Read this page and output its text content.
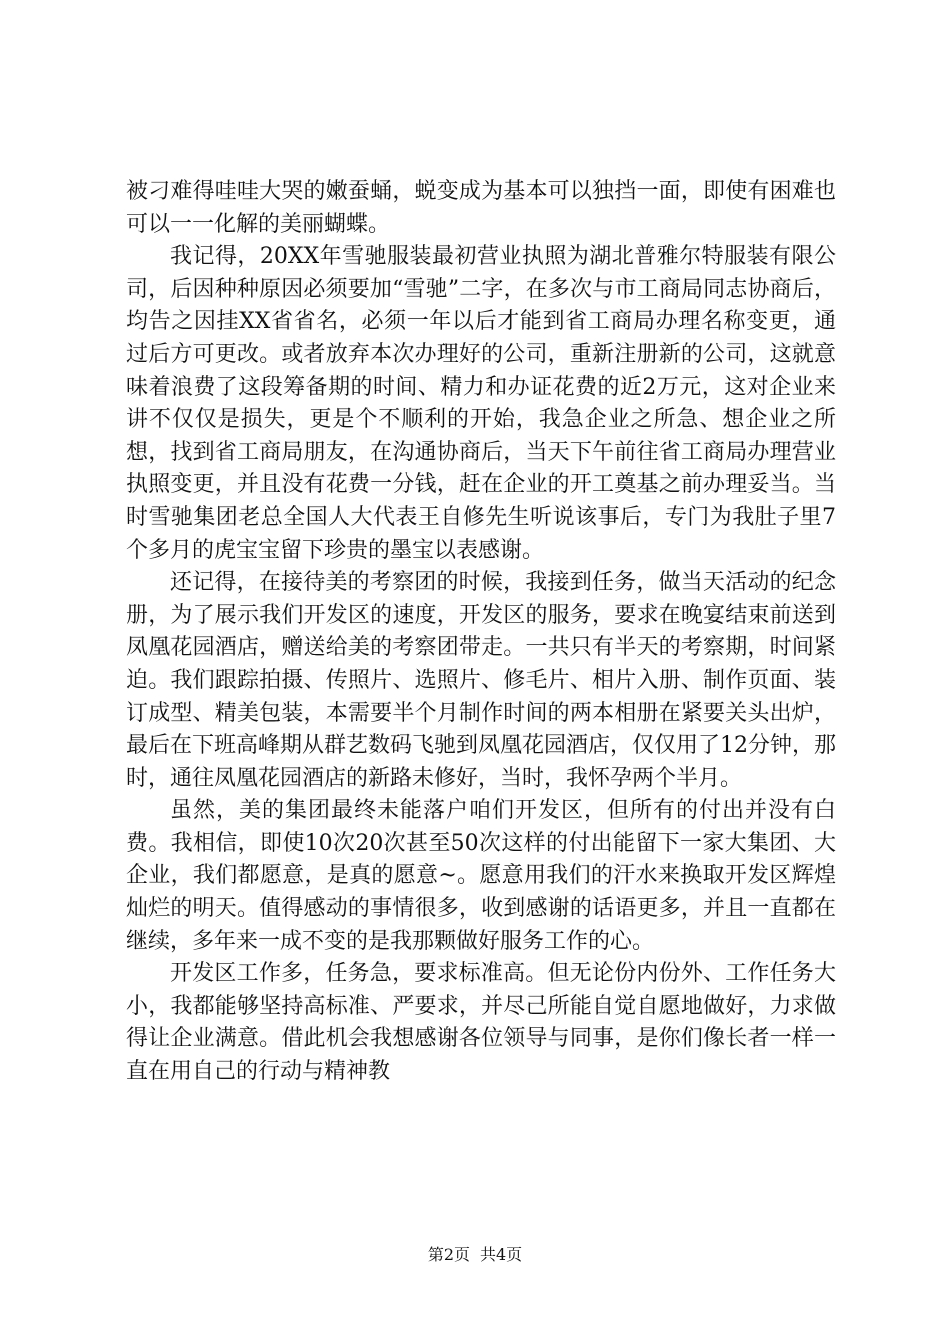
被刁难得哇哇大哭的嫩蚕蛹，蜕变成为基本可以独挡一面，即使有困难也可以一一化解的美丽蝴蝶。

我记得，20XX年雪驰服装最初营业执照为湖北普雅尔特服装有限公司，后因种种原因必须要加“雪驰”二字，在多次与市工商局同志协商后，均告之因挂XX省省名，必须一年以后才能到省工商局办理名称变更，通过后方可更改。或者放弃本次办理好的公司，重新注册新的公司，这就意味着浪费了这段筹备期的时间、精力和办证花费的近2万元，这对企业来讲不仅仅是损失，更是个不顺利的开始，我急企业之所急、想企业之所想，找到省工商局朋友，在沟通协商后，当天下午前往省工商局办理营业执照变更，并且没有花费一分钱，赶在企业的开工奠基之前办理妥当。当时雪驰集团老总全国人大代表王自修先生听说该事后，专门为我肚子里7个多月的虎宝宝留下珍贵的墨宝以表感谢。

还记得，在接待美的考察团的时候，我接到任务，做当天活动的纪念册，为了展示我们开发区的速度，开发区的服务，要求在晚宴结束前送到凤凰花园酒店，赠送给美的考察团带走。一共只有半天的考察期，时间紧迫。我们跟踪拍摄、传照片、选照片、修毛片、相片入册、制作页面、装订成型、精美包装，本需要半个月制作时间的两本相册在紧要关头出炉，最后在下班高峰期从群艺数码飞驰到凤凰花园酒店，仅仅用了12分钟，那时，通往凤凰花园酒店的新路未修好，当时，我怀孕两个半月。

虽然，美的集团最终未能落户咱们开发区，但所有的付出并没有白费。我相信，即使10次20次甚至50次这样的付出能留下一家大集团、大企业，我们都愿意，是真的愿意~。愿意用我们的汗水来换取开发区辉煌灿烂的明天。值得感动的事情很多，收到感谢的话语更多，并且一直都在继续，多年来一成不变的是我那颗做好服务工作的心。

开发区工作多，任务急，要求标准高。但无论份内份外、工作任务大小，我都能够坚持高标准、严要求，并尽己所能自觉自愿地做好，力求做得让企业满意。借此机会我想感谢各位领导与同事，是你们像长者一样一直在用自己的行动与精神教

第2页 共4页
